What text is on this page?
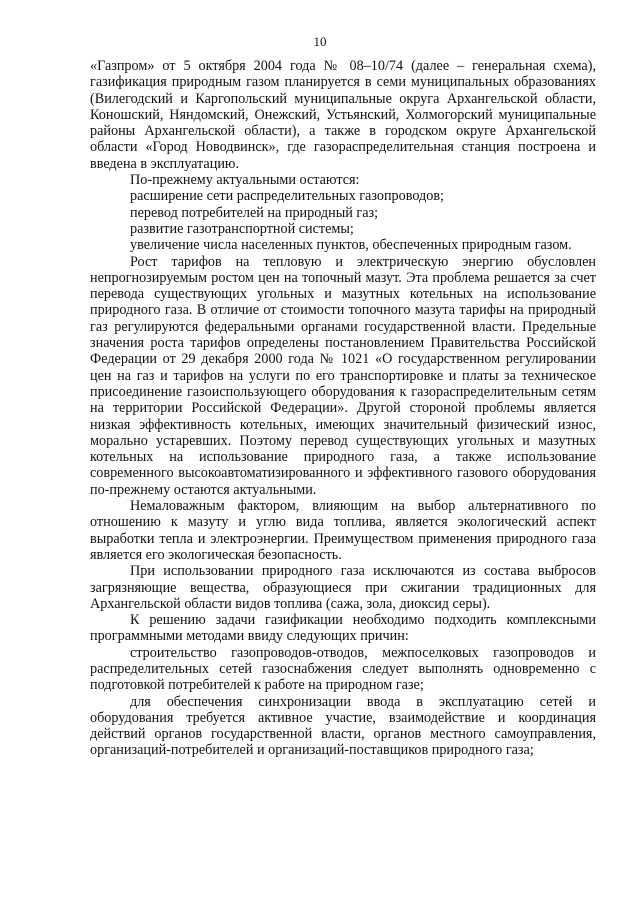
10

«Газпром» от 5 октября 2004 года № 08–10/74 (далее – генеральная схема), газификация природным газом планируется в семи муниципальных образованиях (Вилегодский и Каргопольский муниципальные округа Архангельской области, Коношский, Няндомский, Онежский, Устьянский, Холмогорский муниципальные районы Архангельской области), а также в городском округе Архангельской области «Город Новодвинск», где газораспределительная станция построена и введена в эксплуатацию.

По-прежнему актуальными остаются:

расширение сети распределительных газопроводов;

перевод потребителей на природный газ;

развитие газотранспортной системы;

увеличение числа населенных пунктов, обеспеченных природным газом.

Рост тарифов на тепловую и электрическую энергию обусловлен непрогнозируемым ростом цен на топочный мазут. Эта проблема решается за счет перевода существующих угольных и мазутных котельных на использование природного газа. В отличие от стоимости топочного мазута тарифы на природный газ регулируются федеральными органами государственной власти. Предельные значения роста тарифов определены постановлением Правительства Российской Федерации от 29 декабря 2000 года № 1021 «О государственном регулировании цен на газ и тарифов на услуги по его транспортировке и платы за техническое присоединение газоиспользующего оборудования к газораспределительным сетям на территории Российской Федерации». Другой стороной проблемы является низкая эффективность котельных, имеющих значительный физический износ, морально устаревших. Поэтому перевод существующих угольных и мазутных котельных на использование природного газа, а также использование современного высокоавтоматизированного и эффективного газового оборудования по-прежнему остаются актуальными.

Немаловажным фактором, влияющим на выбор альтернативного по отношению к мазуту и углю вида топлива, является экологический аспект выработки тепла и электроэнергии. Преимуществом применения природного газа является его экологическая безопасность.

При использовании природного газа исключаются из состава выбросов загрязняющие вещества, образующиеся при сжигании традиционных для Архангельской области видов топлива (сажа, зола, диоксид серы).

К решению задачи газификации необходимо подходить комплексными программными методами ввиду следующих причин:

строительство газопроводов-отводов, межпоселковых газопроводов и распределительных сетей газоснабжения следует выполнять одновременно с подготовкой потребителей к работе на природном газе;

для обеспечения синхронизации ввода в эксплуатацию сетей и оборудования требуется активное участие, взаимодействие и координация действий органов государственной власти, органов местного самоуправления, организаций-потребителей и организаций-поставщиков природного газа;
